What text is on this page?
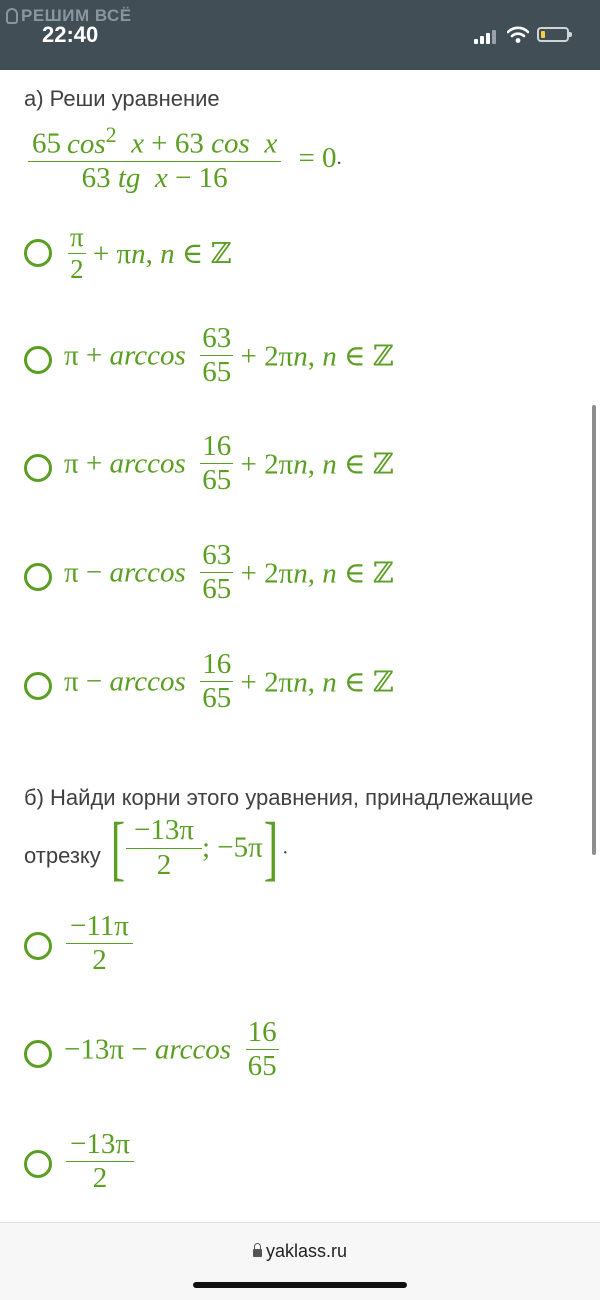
РЕШИМ ВСЁ
22:40
а) Реши уравнение
$\frac{65 \cos^2 x + 63 \cos x}{\text{63 tg x − 16}} = 0$.
$\frac{\pi}{2} + \pi n$, n ∈ ℤ
$\pi + \arccos \frac{63}{65} + 2\pi n$, n ∈ ℤ
$\pi + \arccos \frac{16}{65} + 2\pi n$, n ∈ ℤ
$\pi - \arccos \frac{63}{65} + 2\pi n$, n ∈ ℤ
$\pi - \arccos \frac{16}{65} + 2\pi n$, n ∈ ℤ
б) Найди корни этого уравнения, принадлежащие
отрезку [ $\frac{-13\pi}{2}$ ; −5π] .
$\frac{-11\pi}{2}$
$-13\pi - \arccos \frac{16}{65}$
$\frac{-13\pi}{2}$
yaklass.ru
